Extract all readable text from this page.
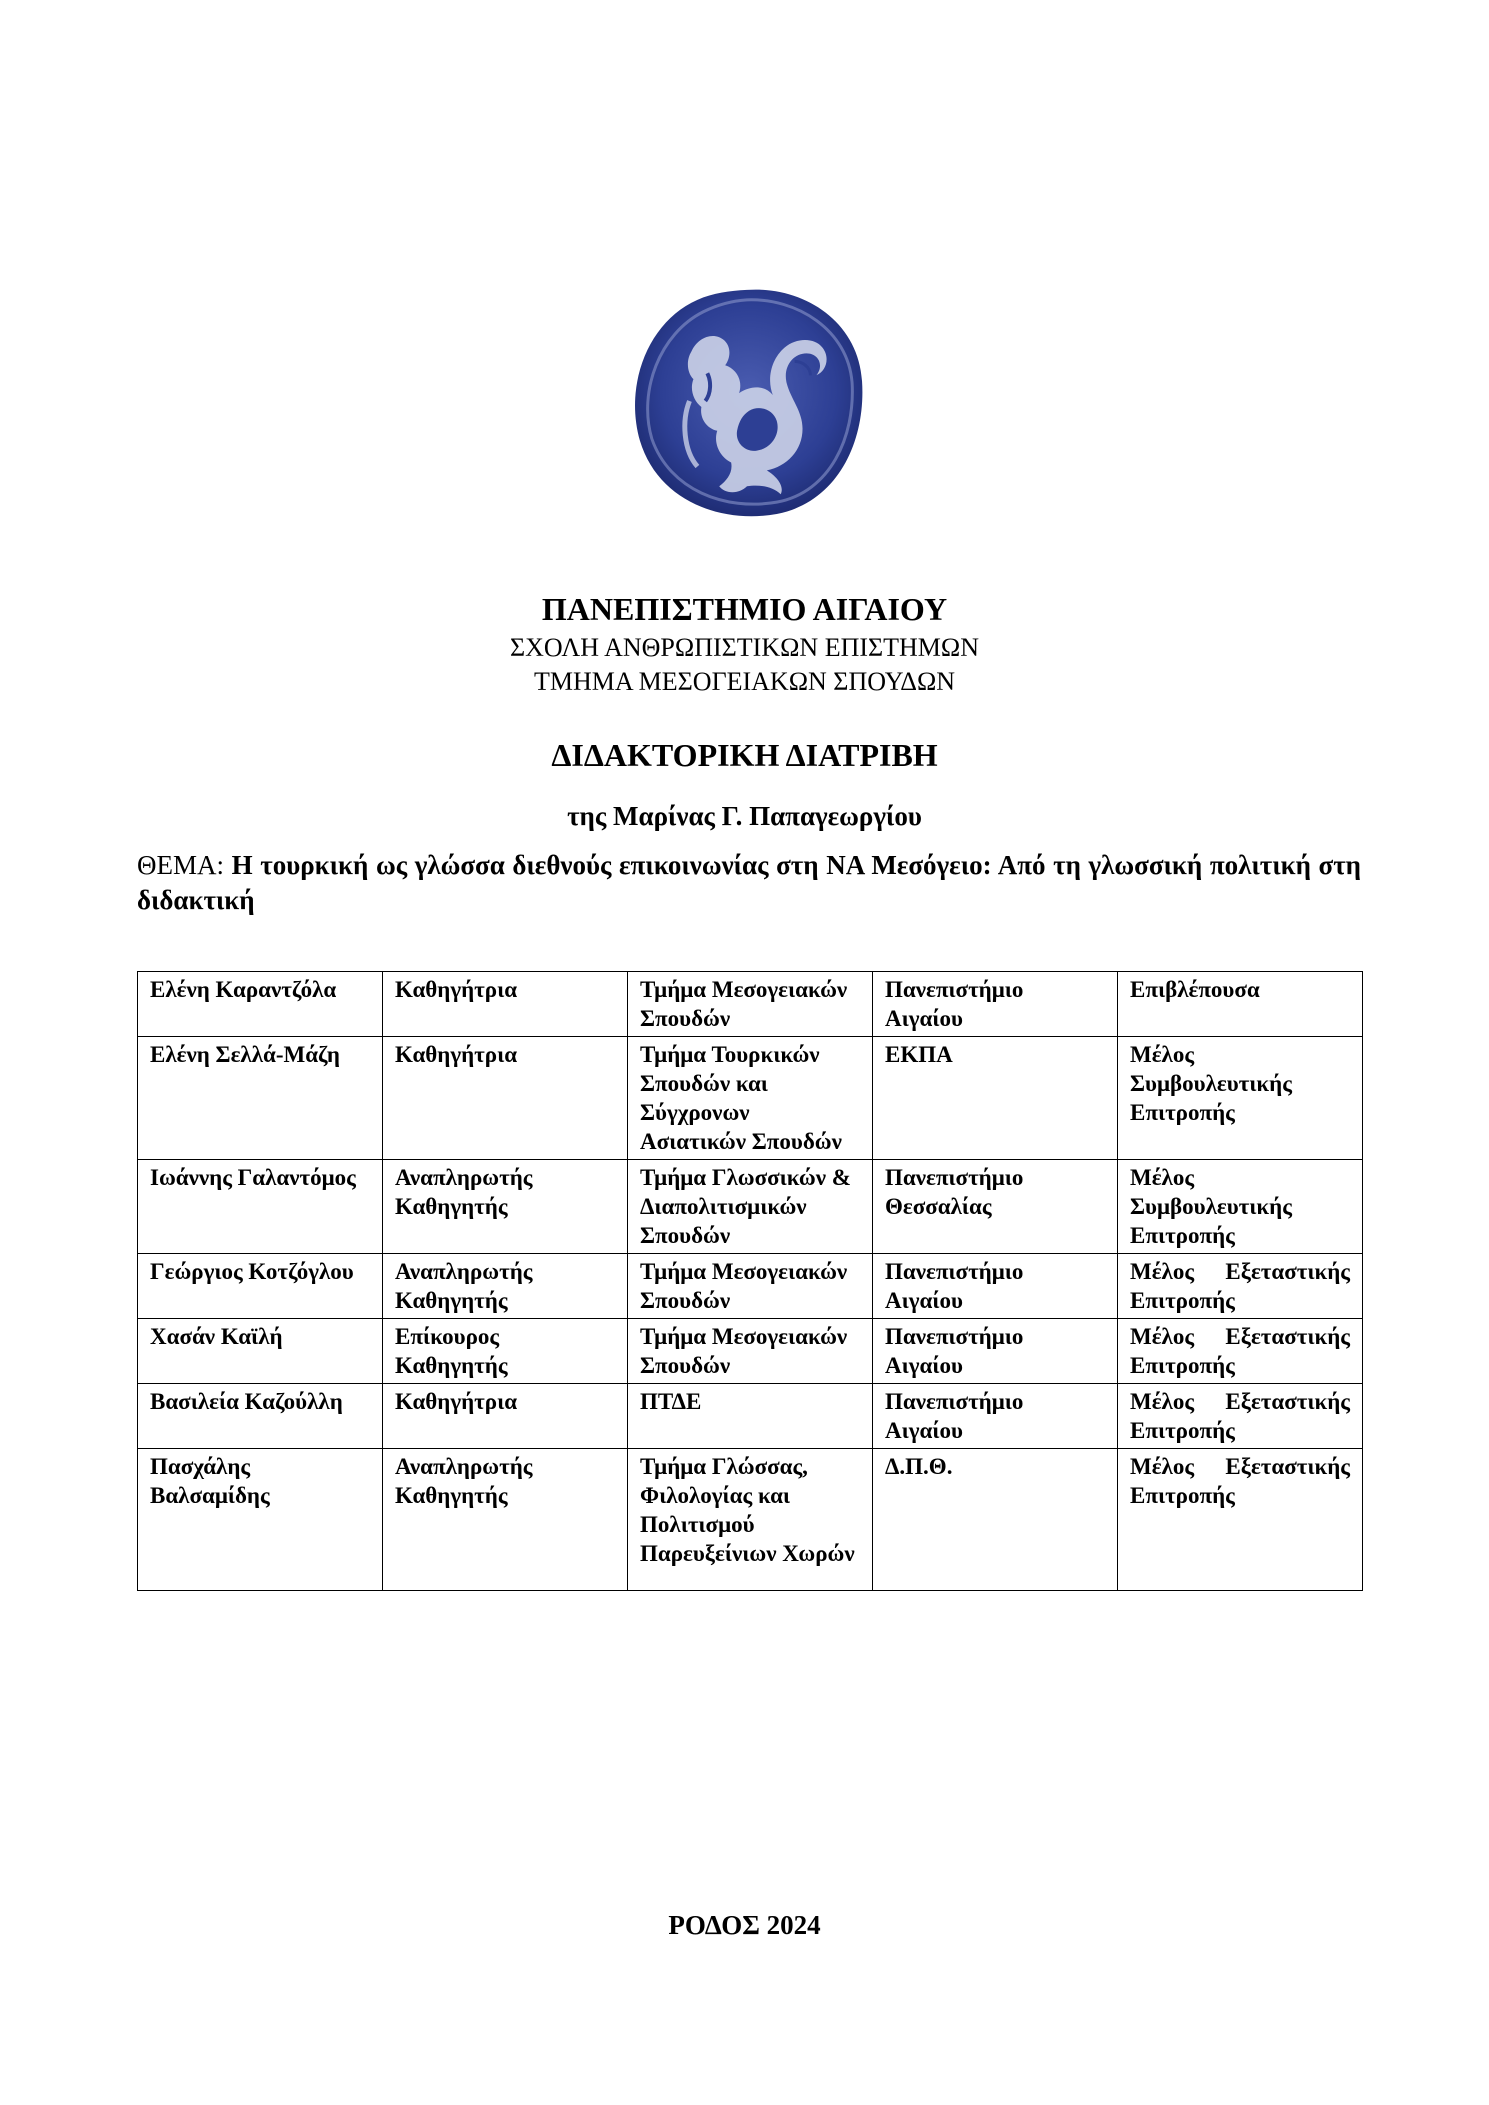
ΠΑΝΕΠΙΣΤΗΜΙΟ ΑΙΓΑΙΟΥ
ΣΧΟΛΗ ΑΝΘΡΩΠΙΣΤΙΚΩΝ ΕΠΙΣΤΗΜΩΝ
ΤΜΗΜΑ ΜΕΣΟΓΕΙΑΚΩΝ ΣΠΟΥΔΩΝ
ΔΙΔΑΚΤΟΡΙΚΗ ΔΙΑΤΡΙΒΗ
της Μαρίνας Γ. Παπαγεωργίου
ΘΕΜΑ: Η τουρκική ως γλώσσα διεθνούς επικοινωνίας στη ΝΑ Μεσόγειο: Από τη γλωσσική πολιτική στη διδακτική
Ελένη Καραντζόλα	Καθηγήτρια	Τμήμα Μεσογειακών Σπουδών	Πανεπιστήμιο Αιγαίου	Επιβλέπουσα
Ελένη Σελλά-Μάζη	Καθηγήτρια	Τμήμα Τουρκικών Σπουδών και Σύγχρονων Ασιατικών Σπουδών	ΕΚΠΑ	Μέλος Συμβουλευτικής Επιτροπής
Ιωάννης Γαλαντόμος	Αναπληρωτής Καθηγητής	Τμήμα Γλωσσικών & Διαπολιτισμικών Σπουδών	Πανεπιστήμιο Θεσσαλίας	Μέλος Συμβουλευτικής Επιτροπής
Γεώργιος Κοτζόγλου	Αναπληρωτής Καθηγητής	Τμήμα Μεσογειακών Σπουδών	Πανεπιστήμιο Αιγαίου	Μέλος Εξεταστικής Επιτροπής
Χασάν Καϊλή	Επίκουρος Καθηγητής	Τμήμα Μεσογειακών Σπουδών	Πανεπιστήμιο Αιγαίου	Μέλος Εξεταστικής Επιτροπής
Βασιλεία Καζούλλη	Καθηγήτρια	ΠΤΔΕ	Πανεπιστήμιο Αιγαίου	Μέλος Εξεταστικής Επιτροπής
Πασχάλης Βαλσαμίδης	Αναπληρωτής Καθηγητής	Τμήμα Γλώσσας, Φιλολογίας και Πολιτισμού Παρευξείνιων Χωρών	Δ.Π.Θ.	Μέλος Εξεταστικής Επιτροπής
ΡΟΔΟΣ 2024
